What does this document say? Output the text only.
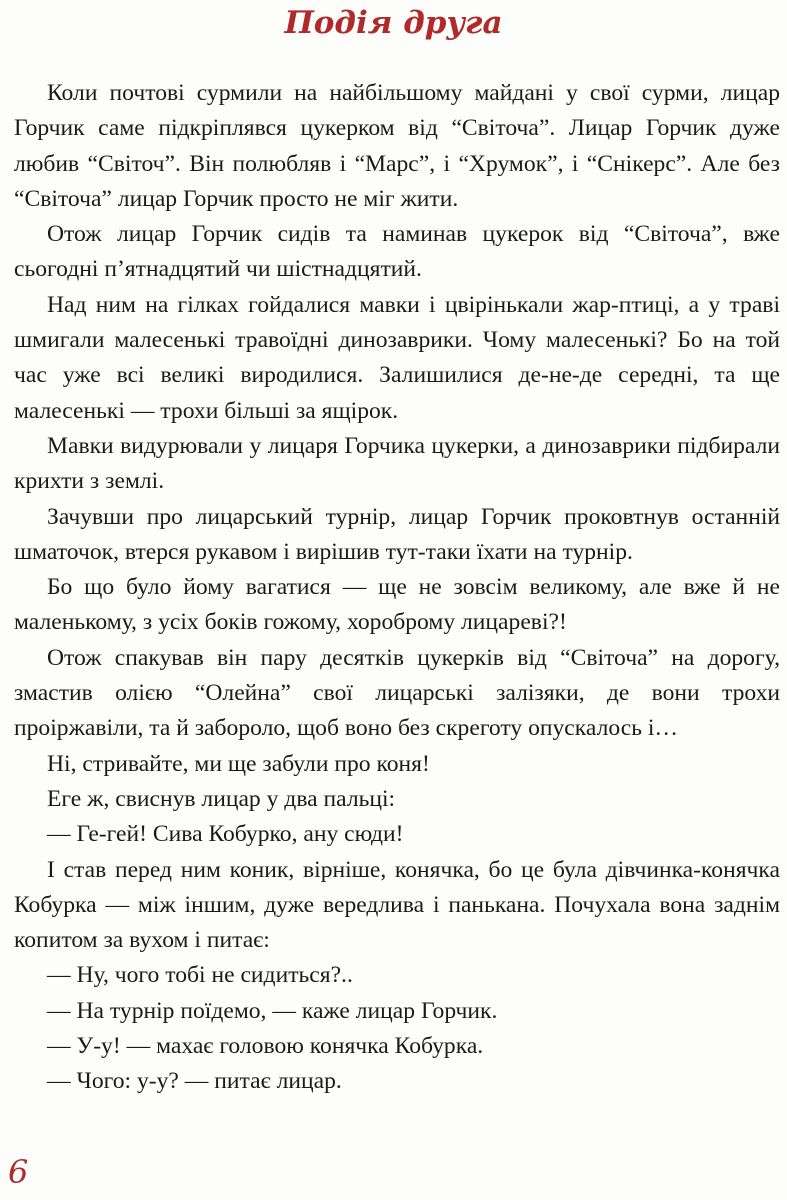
Подія друга

Коли почтові сурмили на найбільшому майдані у свої сурми, лицар Горчик саме підкріплявся цукерком від “Світоча”. Лицар Горчик дуже любив “Світоч”. Він полюбляв і “Марс”, і “Хрумок”, і “Снікерс”. Але без “Світоча” лицар Горчик просто не міг жити.

Отож лицар Горчик сидів та наминав цукерок від “Світоча”, вже сьогодні п’ятнадцятий чи шістнадцятий.

Над ним на гілках гойдалися мавки і цвірінькали жар-птиці, а у траві шмигали малесенькі травоїдні динозаврики. Чому малесенькі? Бо на той час уже всі великі виродилися. Залишилися де-не-де середні, та ще малесенькі — трохи більші за ящірок.

Мавки видурювали у лицаря Горчика цукерки, а динозаврики підбирали крихти з землі.

Зачувши про лицарський турнір, лицар Горчик проковтнув останній шматочок, втерся рукавом і вирішив тут-таки їхати на турнір.

Бо що було йому вагатися — ще не зовсім великому, але вже й не маленькому, з усіх боків гожому, хороброму лицареві?!

Отож спакував він пару десятків цукерків від “Світоча” на дорогу, змастив олією “Олейна” свої лицарські залізяки, де вони трохи проіржавіли, та й заборолo, щоб воно без скреготу опускалось і…

Ні, стривайте, ми ще забули про коня!

Еге ж, свиснув лицар у два пальці:

— Ге-гей! Сива Кобурко, ану сюди!

І став перед ним коник, вірніше, конячка, бо це була дівчинка-конячка Кобурка — між іншим, дуже вередлива і панькана. Почухала вона заднім копитом за вухом і питає:

— Ну, чого тобі не сидиться?..

— На турнір поїдемо, — каже лицар Горчик.

— У-у! — махає головою конячка Кобурка.

— Чого: у-у? — питає лицар.

6
